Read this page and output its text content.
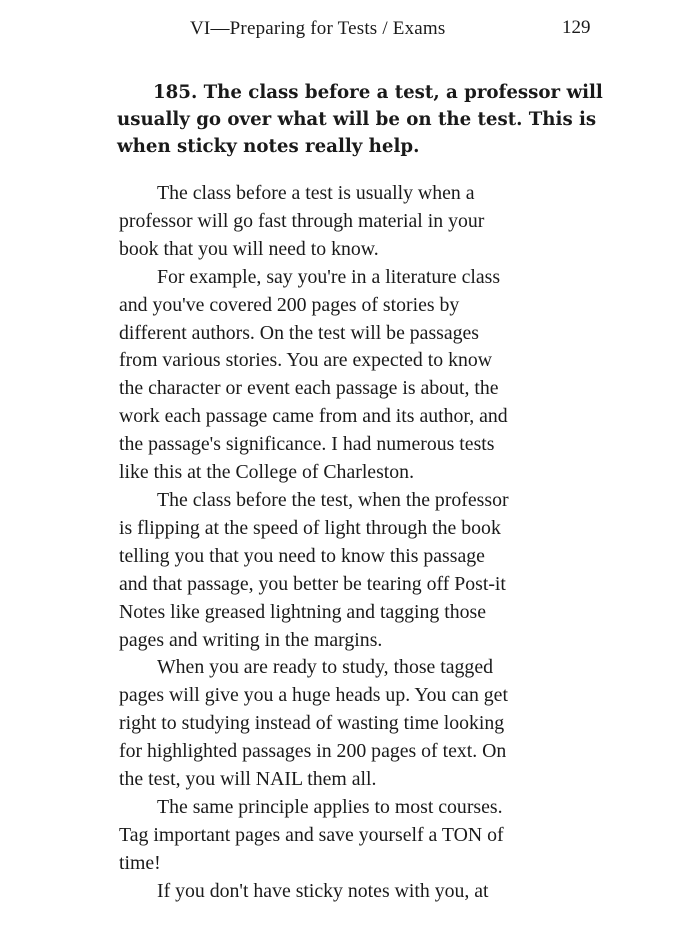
VI—Preparing for Tests / Exams	129
185. The class before a test, a professor will
usually go over what will be on the test. This is
when sticky notes really help.

The class before a test is usually when a
professor will go fast through material in your
book that you will need to know.

For example, say you're in a literature class
and you've covered 200 pages of stories by
different authors. On the test will be passages
from various stories. You are expected to know
the character or event each passage is about, the
work each passage came from and its author, and
the passage's significance. I had numerous tests
like this at the College of Charleston.

The class before the test, when the professor
is flipping at the speed of light through the book
telling you that you need to know this passage
and that passage, you better be tearing off Post-it
Notes like greased lightning and tagging those
pages and writing in the margins.

When you are ready to study, those tagged
pages will give you a huge heads up. You can get
right to studying instead of wasting time looking
for highlighted passages in 200 pages of text. On
the test, you will NAIL them all.

The same principle applies to most courses.
Tag important pages and save yourself a TON of
time!

If you don't have sticky notes with you, at
